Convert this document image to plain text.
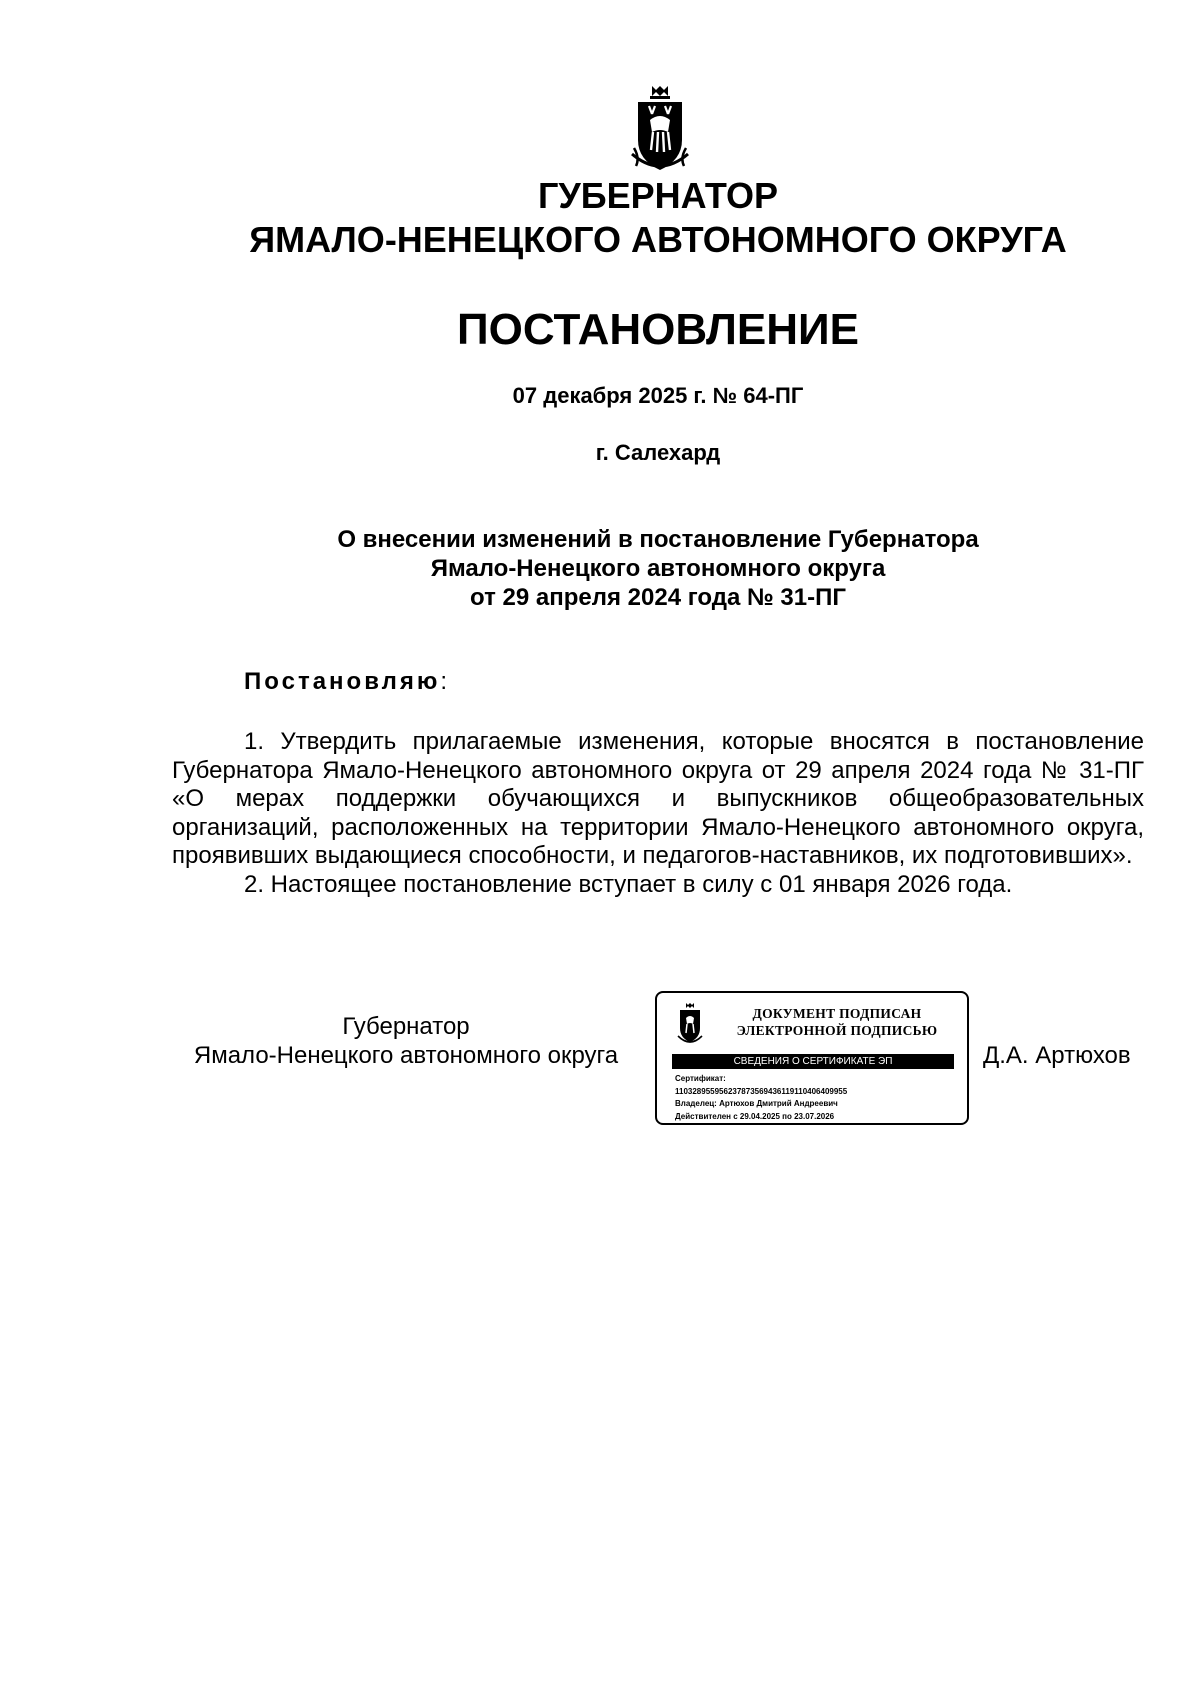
ГУБЕРНАТОР
ЯМАЛО-НЕНЕЦКОГО АВТОНОМНОГО ОКРУГА
ПОСТАНОВЛЕНИЕ
07 декабря 2025 г. № 64-ПГ
г. Салехард
О внесении изменений в постановление Губернатора
Ямало-Ненецкого автономного округа
от 29 апреля 2024 года № 31-ПГ
Постановляю:

1. Утвердить прилагаемые изменения, которые вносятся в постановление Губернатора Ямало-Ненецкого автономного округа от 29 апреля 2024 года № 31-ПГ «О мерах поддержки обучающихся и выпускников общеобразовательных организаций, расположенных на территории Ямало-Ненецкого автономного округа, проявивших выдающиеся способности, и педагогов-наставников, их подготовивших».

2. Настоящее постановление вступает в силу с 01 января 2026 года.

Губернатор
Ямало-Ненецкого автономного округа
ДОКУМЕНТ ПОДПИСАН
ЭЛЕКТРОННОЙ ПОДПИСЬЮ
СВЕДЕНИЯ О СЕРТИФИКАТЕ ЭП
Сертификат:
110328955956237873569436119110406409955
Владелец: Артюхов Дмитрий Андреевич
Действителен с 29.04.2025 по 23.07.2026
Д.А. Артюхов
